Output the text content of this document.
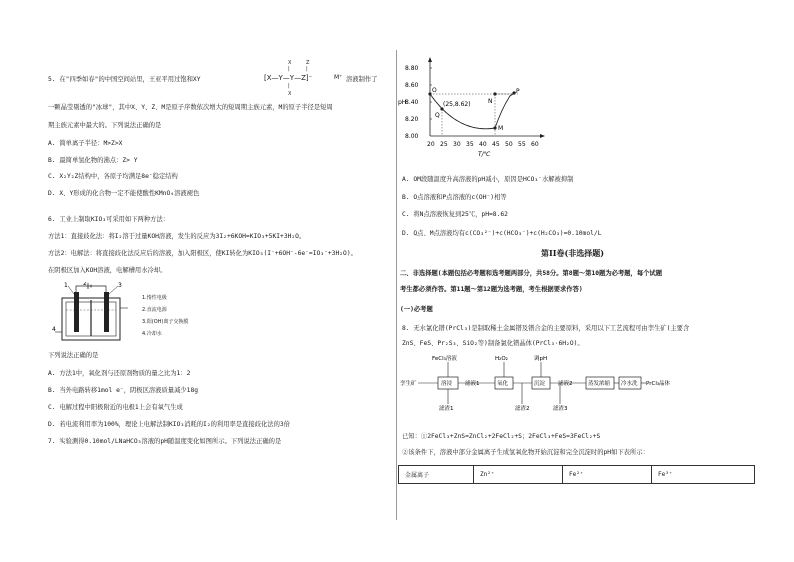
5. 在"四季如春"的中国空间站里，王亚平用过饱和XY
X	Z
|	|
[X—Y—Y—Z]⁻	M⁺
|
X
溶液制作了
一颗晶莹剔透的"冰球"，其中X、Y、Z、M是原子序数依次增大的短周期主族元素，M的原子半径是短周
期主族元素中最大的。下列说法正确的是
A. 简单离子半径：M>Z>X
B. 最简单氢化物的沸点：Z> Y
C. X₂Y₂Z结构中，各原子均满足8e⁻稳定结构
D. X、Y形成的化合物一定不能使酸性KMnO₄溶液褪色
6. 工业上制取KIO₃可采用如下两种方法：
方法1：直接歧化法：将I₂溶于过量KOH溶液，发生的反应为3I₂+6KOH=KIO₃+5KI+3H₂O。
方法2：电解法：将直接歧化法反应后的溶液，加入阳极区，使KI转化为KIO₃(I⁻+6OH⁻-6e⁻=IO₃⁻+3H₂O)。
在阴极区加入KOH溶液，电解槽用水冷却。
1	2	3
4
1.惰性电极
2.直流电源
3.阳(OH)离子交换膜
4.冷却水
下列说法正确的是
A. 方法1中，氧化剂与还原剂物质的量之比为1：2
B. 当外电路转移1mol e⁻，阴极区溶液质量减少18g
C. 电解过程中阳极附近的电极1上会有氧气生成
D. 若电流利用率为100%，理论上电解法制KIO₃消耗的I₂的利用率是直接歧化法的3倍
7. 实验测得0.10mol/LNaHCO₃溶液的pH随温度变化如图所示。下列说法正确的是
8.80
8.60
8.40
8.20
8.00
pH
20 25 30 35 40 45 50 55 60
T/℃
O
Q
(25,8.62)	N
M
P
A. OM段随温度升高溶液的pH减小，原因是HCO₃⁻水解被抑制
B. O点溶液和P点溶液的c(OH⁻)相等
C. 将N点溶液恢复到25℃，pH=8.62
D. Q点、M点溶液均有c(CO₃²⁻)+c(HCO₃⁻)+c(H₂CO₃)=0.10mol/L
第II卷(非选择题)
二、非选择题(本题包括必考题和选考题两部分，共58分。第8题～第10题为必考题，每个试题
考生都必须作答。第11题～第12题为选考题，考生根据要求作答)
(一)必考题
8. 无水氯化镨(PrCl₃)是制取稀土金属镨及镨合金的主要原料，采用以下工艺流程可由孪生矿(主要含
ZnS、FeS、Pr₂S₃、SiO₂等)制备氯化镨晶体(PrCl₃·6H₂O)。
孪生矿
FeCl₃溶液	H₂O₂	调pH
溶浸	氧化	沉淀	蒸发浓缩 冷水洗
滤液1	滤液2	PrCl₃晶体
滤渣1	滤渣2	滤渣3
已知：①2FeCl₃+ZnS=ZnCl₂+2FeCl₂+S；2FeCl₃+FeS=3FeCl₂+S
②该条件下，溶液中部分金属离子生成氢氧化物开始沉淀和完全沉淀时的pH如下表所示：
金属离子	Zn²⁺	Fe²⁺	Fe³⁺
